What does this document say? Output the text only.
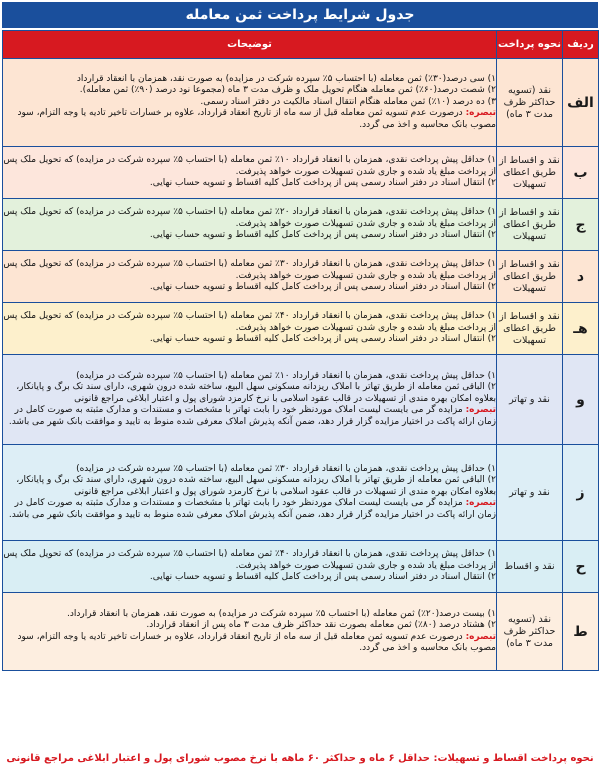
جدول شرایط پرداخت ثمن معامله
ردیف	نحوه پرداخت	توضیحات
الف	نقد (تسویه حداکثر ظرف مدت ۳ ماه)	۱) سی درصد(۳۰٪) ثمن معامله (با احتساب ۵٪ سپرده شرکت در مزایده) به صورت نقد، همزمان با انعقاد قرارداد

۲) شصت درصد(۶۰٪) ثمن معامله هنگام تحویل ملک و ظرف مدت ۳ ماه (مجموعا نود درصد (۹۰٪) ثمن معامله).

۳) ده درصد (۱۰٪) ثمن معامله هنگام انتقال اسناد مالکیت در دفتر اسناد رسمی.

تبصره: درصورت عدم تسویه ثمن معامله قبل از سه ماه از تاریخ انعقاد قرارداد، علاوه بر خسارات تاخیر تادیه یا وجه التزام، سود مصوب بانک محاسبه و اخذ می گردد.

ب	نقد و اقساط از طریق اعطای تسهیلات	۱) حداقل پیش پرداخت نقدی، همزمان با انعقاد قرارداد ۱۰٪ ثمن معامله (با احتساب ۵٪ سپرده شرکت در مزایده) که تحویل ملک پس از پرداخت مبلغ یاد شده و جاری شدن تسهیلات صورت خواهد پذیرفت.

۲) انتقال اسناد در دفتر اسناد رسمی پس از پرداخت کامل کلیه اقساط و تسویه حساب نهایی.

ج	نقد و اقساط از طریق اعطای تسهیلات	۱) حداقل پیش پرداخت نقدی، همزمان با انعقاد قرارداد ۲۰٪ ثمن معامله (با احتساب ۵٪ سپرده شرکت در مزایده) که تحویل ملک پس از پرداخت مبلغ یاد شده و جاری شدن تسهیلات صورت خواهد پذیرفت.

۲) انتقال اسناد در دفتر اسناد رسمی پس از پرداخت کامل کلیه اقساط و تسویه حساب نهایی.

د	نقد و اقساط از طریق اعطای تسهیلات	۱) حداقل پیش پرداخت نقدی، همزمان با انعقاد قرارداد ۳۰٪ ثمن معامله (با احتساب ۵٪ سپرده شرکت در مزایده) که تحویل ملک پس از پرداخت مبلغ یاد شده و جاری شدن تسهیلات صورت خواهد پذیرفت.

۲) انتقال اسناد در دفتر اسناد رسمی پس از پرداخت کامل کلیه اقساط و تسویه حساب نهایی.

هـ	نقد و اقساط از طریق اعطای تسهیلات	۱) حداقل پیش پرداخت نقدی، همزمان با انعقاد قرارداد ۴۰٪ ثمن معامله (با احتساب ۵٪ سپرده شرکت در مزایده) که تحویل ملک پس از پرداخت مبلغ یاد شده و جاری شدن تسهیلات صورت خواهد پذیرفت.

۲) انتقال اسناد در دفتر اسناد رسمی پس از پرداخت کامل کلیه اقساط و تسویه حساب نهایی.

و	نقد و تهاتر	۱) حداقل پیش پرداخت نقدی، همزمان با انعقاد قرارداد ۱۰٪ ثمن معامله (با احتساب ۵٪ سپرده شرکت در مزایده)

۲) الباقی ثمن معامله از طریق تهاتر با املاک ریزدانه مسکونی سهل البیع، ساخته شده درون شهری، دارای سند تک برگ و پایانکار، بعلاوه امکان بهره مندی از تسهیلات در قالب عقود اسلامی با نرخ کارمزد شورای پول و اعتبار ابلاغی مراجع قانونی

تبصره: مزایده گر می بایست لیست املاک موردنظر خود را بابت تهاتر با مشخصات و مستندات و مدارک مثبته به صورت کامل در زمان ارائه پاکت در اختیار مزایده گزار قرار دهد، ضمن آنکه پذیرش املاک معرفی شده منوط به تایید و موافقت بانک شهر می باشد.

ز	نقد و تهاتر	۱) حداقل پیش پرداخت نقدی، همزمان با انعقاد قرارداد ۳۰٪ ثمن معامله (با احتساب ۵٪ سپرده شرکت در مزایده)

۲) الباقی ثمن معامله از طریق تهاتر با املاک ریزدانه مسکونی سهل البیع، ساخته شده درون شهری، دارای سند تک برگ و پایانکار، بعلاوه امکان بهره مندی از تسهیلات در قالب عقود اسلامی با نرخ کارمزد شورای پول و اعتبار ابلاغی مراجع قانونی

تبصره: مزایده گر می بایست لیست املاک موردنظر خود را بابت تهاتر با مشخصات و مستندات و مدارک مثبته به صورت کامل در زمان ارائه پاکت در اختیار مزایده گزار قرار دهد، ضمن آنکه پذیرش املاک معرفی شده منوط به تایید و موافقت بانک شهر می باشد.

ح	نقد و اقساط	۱) حداقل پیش پرداخت نقدی، همزمان با انعقاد قرارداد ۴۰٪ ثمن معامله (با احتساب ۵٪ سپرده شرکت در مزایده) که تحویل ملک پس از پرداخت مبلغ یاد شده و جاری شدن تسهیلات صورت خواهد پذیرفت.

۲) انتقال اسناد در دفتر اسناد رسمی پس از پرداخت کامل کلیه اقساط و تسویه حساب نهایی.

ط	نقد (تسویه حداکثر ظرف مدت ۳ ماه)	۱) بیست درصد(۲۰٪) ثمن معامله (با احتساب ۵٪ سپرده شرکت در مزایده) به صورت نقد، همزمان با انعقاد قرارداد.

۲) هشتاد درصد (۸۰٪) ثمن معامله بصورت نقد حداکثر ظرف مدت ۳ ماه پس از انعقاد قرارداد.

تبصره: درصورت عدم تسویه ثمن معامله قبل از سه ماه از تاریخ انعقاد قرارداد، علاوه بر خسارات تاخیر تادیه یا وجه التزام، سود مصوب بانک محاسبه و اخذ می گردد.

نحوه پرداخت اقساط و تسهیلات: حداقل ۶ ماه و حداکثر ۶۰ ماهه با نرخ مصوب شورای پول و اعتبار ابلاغی مراجع قانونی
